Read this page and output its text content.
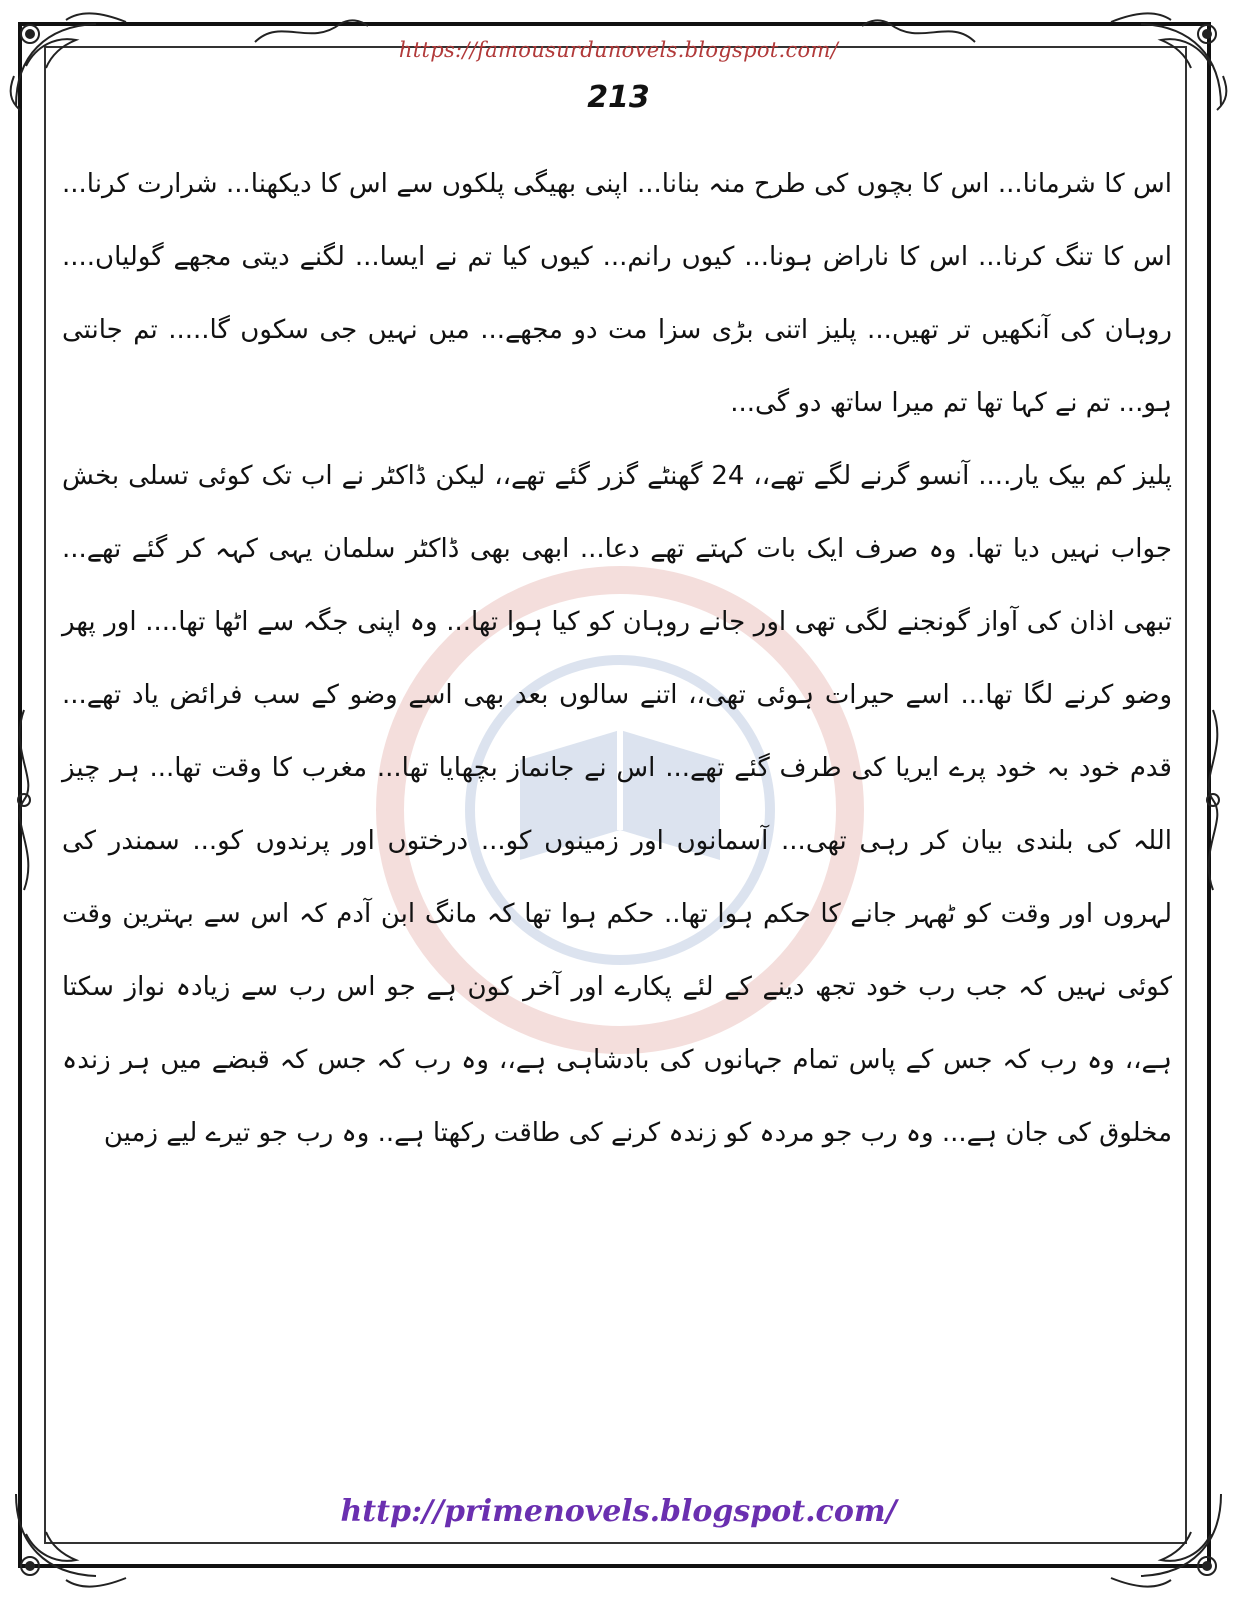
https://famousurdunovels.blogspot.com/
213

اس کا شرمانا... اس کا بچوں کی طرح منہ بنانا... اپنی بھیگی پلکوں سے اس کا دیکھنا... شرارت کرنا... اس کا تنگ کرنا... اس کا ناراض ہونا... کیوں رانم... کیوں کیا تم نے ایسا... لگنے دیتی مجھے گولیاں.... روہان کی آنکھیں تر تھیں... پلیز اتنی بڑی سزا مت دو مجھے... میں نہیں جی سکوں گا..... تم جانتی ہو... تم نے کہا تھا تم میرا ساتھ دو گی...

پلیز کم بیک یار.... آنسو گرنے لگے تھے،، 24 گھنٹے گزر گئے تھے،، لیکن ڈاکٹر نے اب تک کوئی تسلی بخش جواب نہیں دیا تھا. وہ صرف ایک بات کہتے تھے دعا... ابھی بھی ڈاکٹر سلمان یہی کہہ کر گئے تھے... تبھی اذان کی آواز گونجنے لگی تھی اور جانے روہان کو کیا ہوا تھا... وہ اپنی جگہ سے اٹھا تھا.... اور پھر وضو کرنے لگا تھا... اسے حیرات ہوئی تھی،، اتنے سالوں بعد بھی اسے وضو کے سب فرائض یاد تھے... قدم خود بہ خود پرے ایریا کی طرف گئے تھے... اس نے جانماز بچھایا تھا... مغرب کا وقت تھا... ہر چیز اللہ کی بلندی بیان کر رہی تھی... آسمانوں اور زمینوں کو... درختوں اور پرندوں کو... سمندر کی لہروں اور وقت کو ٹھہر جانے کا حکم ہوا تھا.. حکم ہوا تھا کہ مانگ ابن آدم کہ اس سے بہترین وقت کوئی نہیں کہ جب رب خود تجھ دینے کے لئے پکارے اور آخر کون ہے جو اس رب سے زیادہ نواز سکتا ہے،، وہ رب کہ جس کے پاس تمام جہانوں کی بادشاہی ہے،، وہ رب کہ جس کہ قبضے میں ہر زندہ مخلوق کی جان ہے... وہ رب جو مردہ کو زندہ کرنے کی طاقت رکھتا ہے.. وہ رب جو تیرے لیے زمین

http://primenovels.blogspot.com/
